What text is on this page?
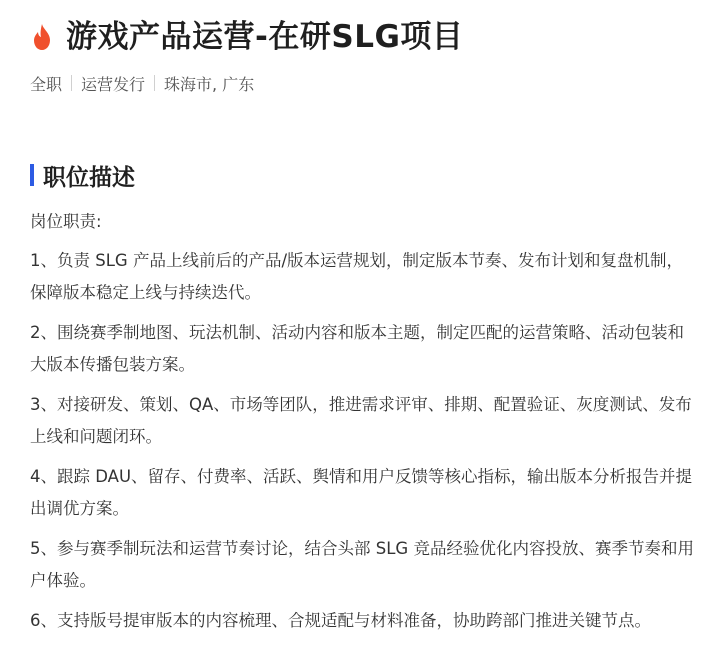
游戏产品运营-在研SLG项目
全职 运营发行 珠海市, 广东
职位描述
岗位职责:
1、负责 SLG 产品上线前后的产品/版本运营规划，制定版本节奏、发布计划和复盘机制，保障版本稳定上线与持续迭代。
2、围绕赛季制地图、玩法机制、活动内容和版本主题，制定匹配的运营策略、活动包装和大版本传播包装方案。
3、对接研发、策划、QA、市场等团队，推进需求评审、排期、配置验证、灰度测试、发布上线和问题闭环。
4、跟踪 DAU、留存、付费率、活跃、舆情和用户反馈等核心指标，输出版本分析报告并提出调优方案。
5、参与赛季制玩法和运营节奏讨论，结合头部 SLG 竞品经验优化内容投放、赛季节奏和用户体验。
6、支持版号提审版本的内容梳理、合规适配与材料准备，协助跨部门推进关键节点。
